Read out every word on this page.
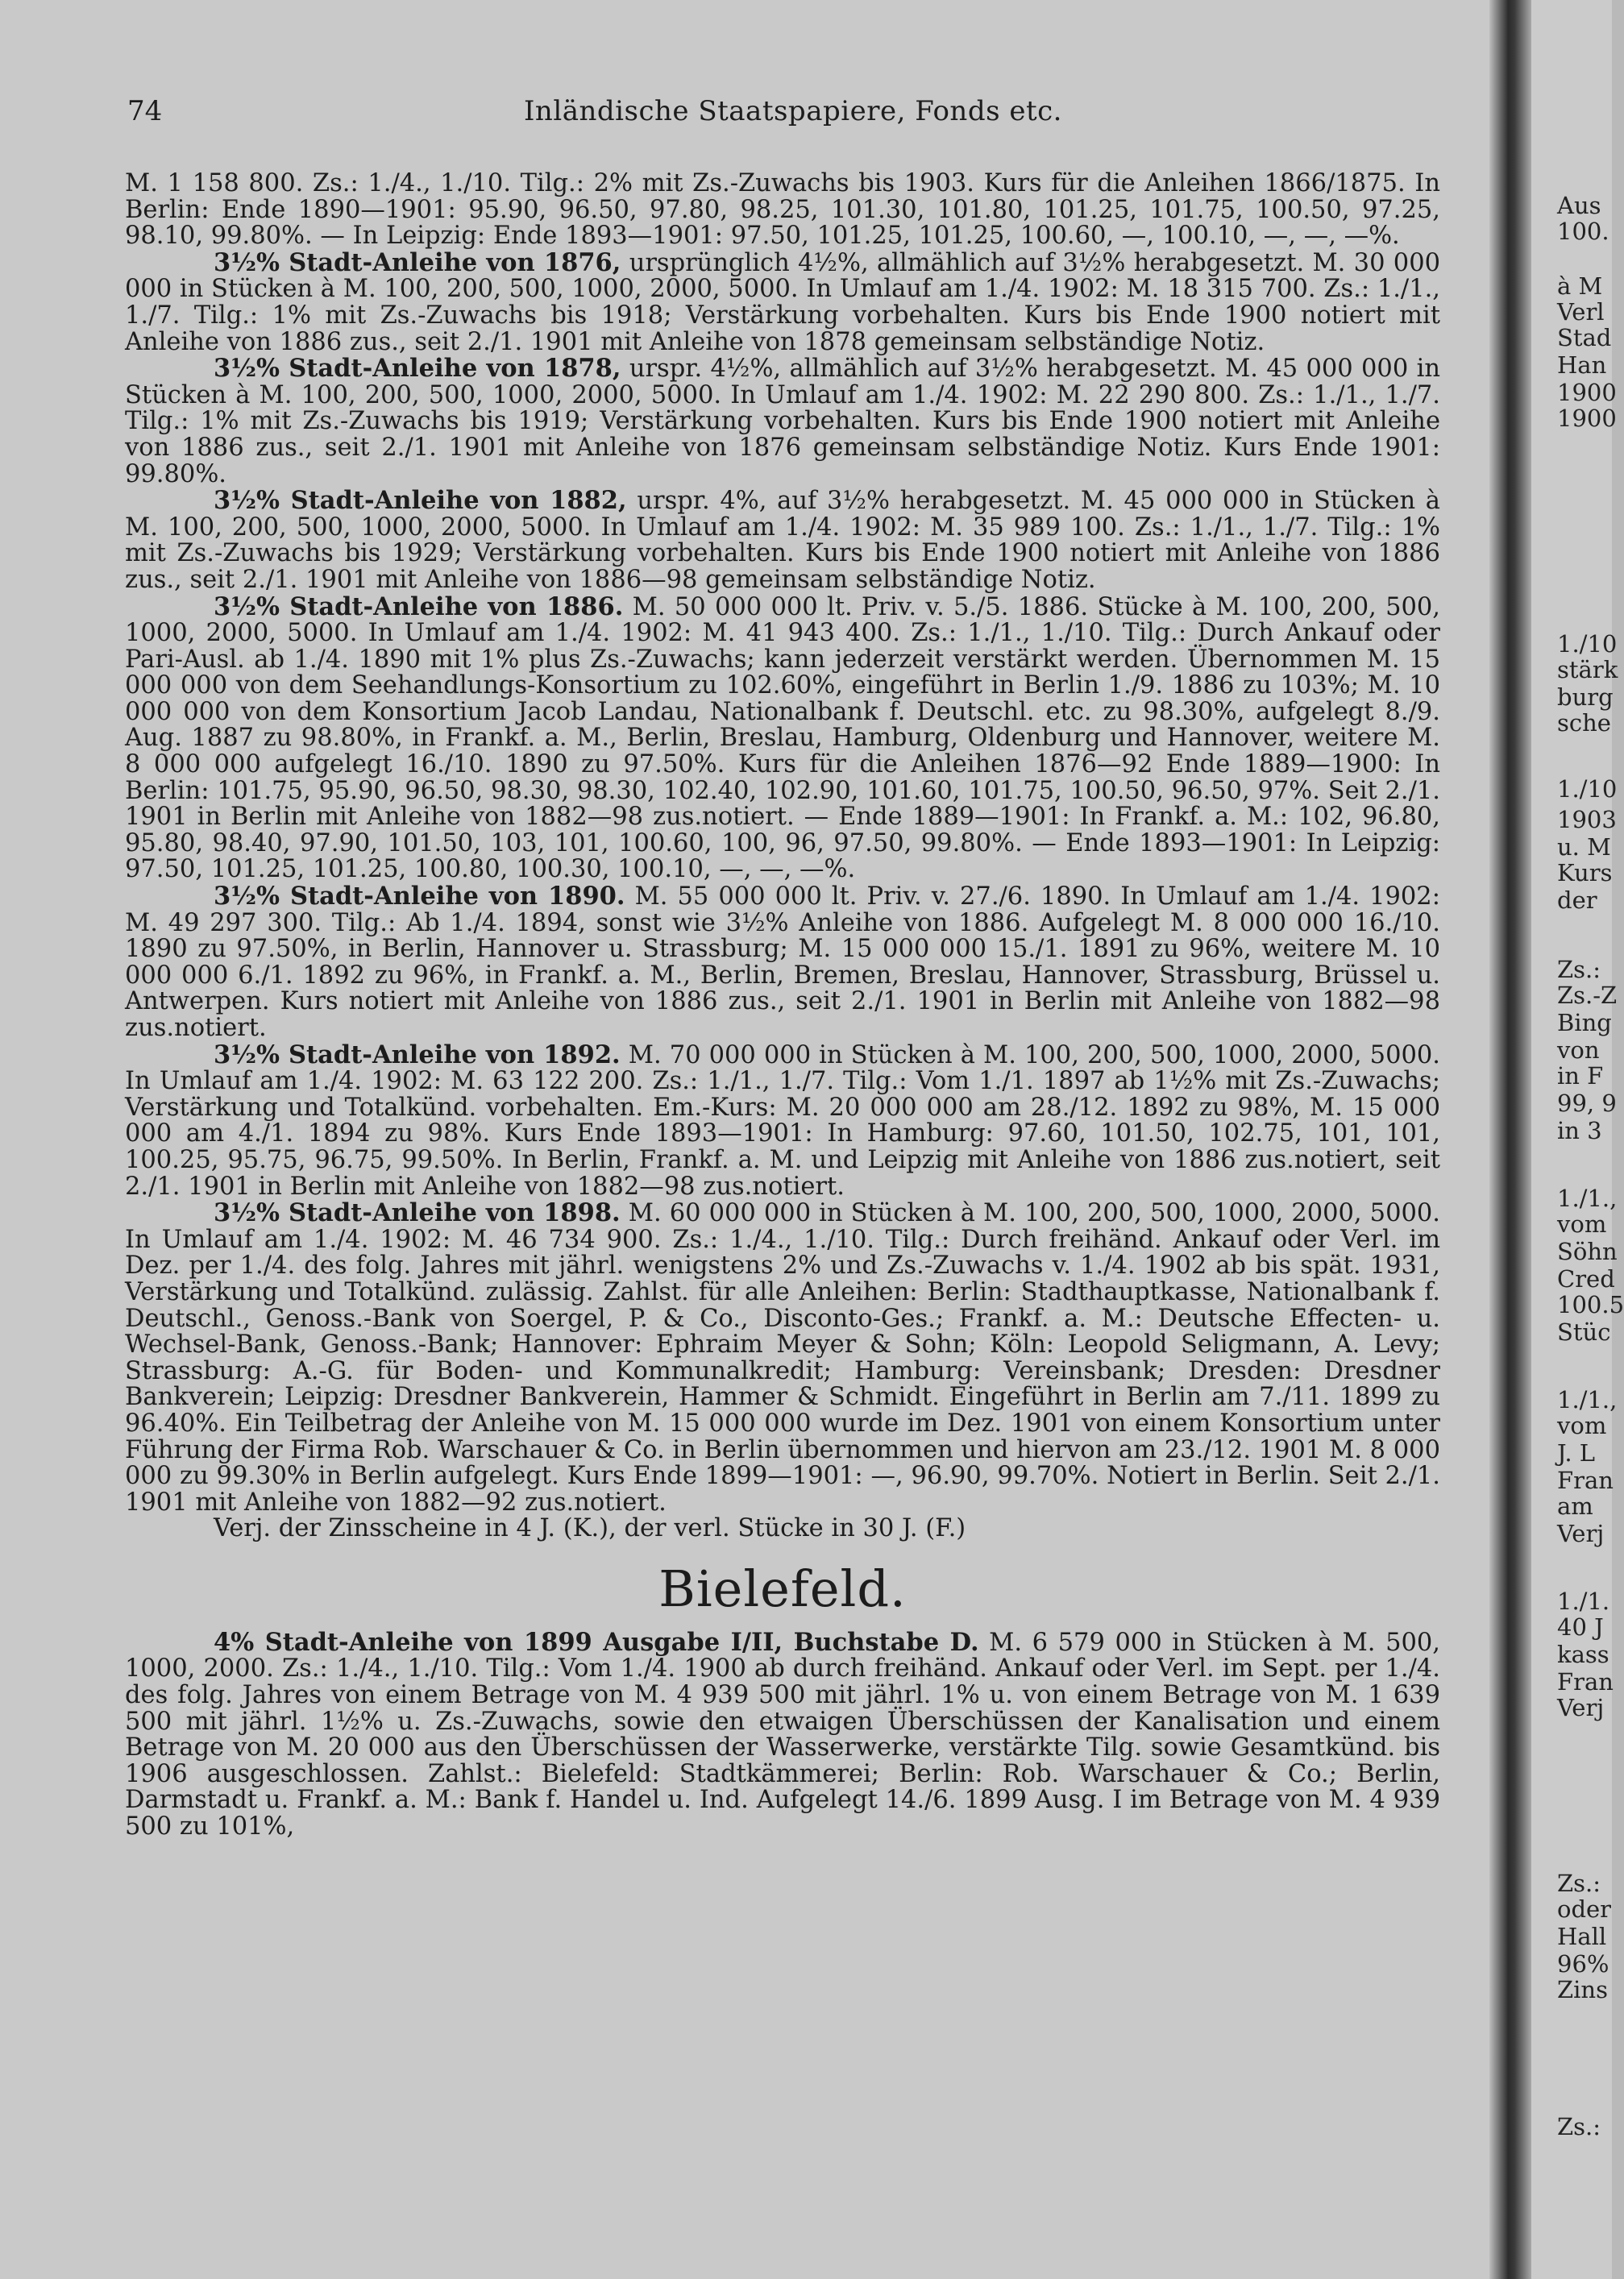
74	Inländische Staatspapiere, Fonds etc.

M. 1 158 800. Zs.: 1./4., 1./10. Tilg.: 2% mit Zs.-Zuwachs bis 1903. Kurs für die Anleihen 1866/1875. In Berlin: Ende 1890—1901: 95.90, 96.50, 97.80, 98.25, 101.30, 101.80, 101.25, 101.75, 100.50, 97.25, 98.10, 99.80%. — In Leipzig: Ende 1893—1901: 97.50, 101.25, 101.25, 100.60, —, 100.10, —, —, —%.

3½% Stadt-Anleihe von 1876, ursprünglich 4½%, allmählich auf 3½% herabgesetzt. M. 30 000 000 in Stücken à M. 100, 200, 500, 1000, 2000, 5000. In Umlauf am 1./4. 1902: M. 18 315 700. Zs.: 1./1., 1./7. Tilg.: 1% mit Zs.-Zuwachs bis 1918; Verstärkung vorbehalten. Kurs bis Ende 1900 notiert mit Anleihe von 1886 zus., seit 2./1. 1901 mit Anleihe von 1878 gemeinsam selbständige Notiz.

3½% Stadt-Anleihe von 1878, urspr. 4½%, allmählich auf 3½% herabgesetzt. M. 45 000 000 in Stücken à M. 100, 200, 500, 1000, 2000, 5000. In Umlauf am 1./4. 1902: M. 22 290 800. Zs.: 1./1., 1./7. Tilg.: 1% mit Zs.-Zuwachs bis 1919; Verstärkung vorbehalten. Kurs bis Ende 1900 notiert mit Anleihe von 1886 zus., seit 2./1. 1901 mit Anleihe von 1876 gemeinsam selbständige Notiz. Kurs Ende 1901: 99.80%.

3½% Stadt-Anleihe von 1882, urspr. 4%, auf 3½% herabgesetzt. M. 45 000 000 in Stücken à M. 100, 200, 500, 1000, 2000, 5000. In Umlauf am 1./4. 1902: M. 35 989 100. Zs.: 1./1., 1./7. Tilg.: 1% mit Zs.-Zuwachs bis 1929; Verstärkung vorbehalten. Kurs bis Ende 1900 notiert mit Anleihe von 1886 zus., seit 2./1. 1901 mit Anleihe von 1886—98 gemeinsam selbständige Notiz.

3½% Stadt-Anleihe von 1886. M. 50 000 000 lt. Priv. v. 5./5. 1886. Stücke à M. 100, 200, 500, 1000, 2000, 5000. In Umlauf am 1./4. 1902: M. 41 943 400. Zs.: 1./1., 1./10. Tilg.: Durch Ankauf oder Pari-Ausl. ab 1./4. 1890 mit 1% plus Zs.-Zuwachs; kann jederzeit verstärkt werden. Übernommen M. 15 000 000 von dem Seehandlungs-Konsortium zu 102.60%, eingeführt in Berlin 1./9. 1886 zu 103%; M. 10 000 000 von dem Konsortium Jacob Landau, Nationalbank f. Deutschl. etc. zu 98.30%, aufgelegt 8./9. Aug. 1887 zu 98.80%, in Frankf. a. M., Berlin, Breslau, Hamburg, Oldenburg und Hannover, weitere M. 8 000 000 aufgelegt 16./10. 1890 zu 97.50%. Kurs für die Anleihen 1876—92 Ende 1889—1900: In Berlin: 101.75, 95.90, 96.50, 98.30, 98.30, 102.40, 102.90, 101.60, 101.75, 100.50, 96.50, 97%. Seit 2./1. 1901 in Berlin mit Anleihe von 1882—98 zus.notiert. — Ende 1889—1901: In Frankf. a. M.: 102, 96.80, 95.80, 98.40, 97.90, 101.50, 103, 101, 100.60, 100, 96, 97.50, 99.80%. — Ende 1893—1901: In Leipzig: 97.50, 101.25, 101.25, 100.80, 100.30, 100.10, —, —, —%.

3½% Stadt-Anleihe von 1890. M. 55 000 000 lt. Priv. v. 27./6. 1890. In Umlauf am 1./4. 1902: M. 49 297 300. Tilg.: Ab 1./4. 1894, sonst wie 3½% Anleihe von 1886. Aufgelegt M. 8 000 000 16./10. 1890 zu 97.50%, in Berlin, Hannover u. Strassburg; M. 15 000 000 15./1. 1891 zu 96%, weitere M. 10 000 000 6./1. 1892 zu 96%, in Frankf. a. M., Berlin, Bremen, Breslau, Hannover, Strassburg, Brüssel u. Antwerpen. Kurs notiert mit Anleihe von 1886 zus., seit 2./1. 1901 in Berlin mit Anleihe von 1882—98 zus.notiert.

3½% Stadt-Anleihe von 1892. M. 70 000 000 in Stücken à M. 100, 200, 500, 1000, 2000, 5000. In Umlauf am 1./4. 1902: M. 63 122 200. Zs.: 1./1., 1./7. Tilg.: Vom 1./1. 1897 ab 1½% mit Zs.-Zuwachs; Verstärkung und Totalkünd. vorbehalten. Em.-Kurs: M. 20 000 000 am 28./12. 1892 zu 98%, M. 15 000 000 am 4./1. 1894 zu 98%. Kurs Ende 1893—1901: In Hamburg: 97.60, 101.50, 102.75, 101, 101, 100.25, 95.75, 96.75, 99.50%. In Berlin, Frankf. a. M. und Leipzig mit Anleihe von 1886 zus.notiert, seit 2./1. 1901 in Berlin mit Anleihe von 1882—98 zus.notiert.

3½% Stadt-Anleihe von 1898. M. 60 000 000 in Stücken à M. 100, 200, 500, 1000, 2000, 5000. In Umlauf am 1./4. 1902: M. 46 734 900. Zs.: 1./4., 1./10. Tilg.: Durch freihänd. Ankauf oder Verl. im Dez. per 1./4. des folg. Jahres mit jährl. wenigstens 2% und Zs.-Zuwachs v. 1./4. 1902 ab bis spät. 1931, Verstärkung und Totalkünd. zulässig. Zahlst. für alle Anleihen: Berlin: Stadthauptkasse, Nationalbank f. Deutschl., Genoss.-Bank von Soergel, P. & Co., Disconto-Ges.; Frankf. a. M.: Deutsche Effecten- u. Wechsel-Bank, Genoss.-Bank; Hannover: Ephraim Meyer & Sohn; Köln: Leopold Seligmann, A. Levy; Strassburg: A.-G. für Boden- und Kommunalkredit; Hamburg: Vereinsbank; Dresden: Dresdner Bankverein; Leipzig: Dresdner Bankverein, Hammer & Schmidt. Eingeführt in Berlin am 7./11. 1899 zu 96.40%. Ein Teilbetrag der Anleihe von M. 15 000 000 wurde im Dez. 1901 von einem Konsortium unter Führung der Firma Rob. Warschauer & Co. in Berlin übernommen und hiervon am 23./12. 1901 M. 8 000 000 zu 99.30% in Berlin aufgelegt. Kurs Ende 1899—1901: —, 96.90, 99.70%. Notiert in Berlin. Seit 2./1. 1901 mit Anleihe von 1882—92 zus.notiert.

Verj. der Zinsscheine in 4 J. (K.), der verl. Stücke in 30 J. (F.)

Bielefeld.

4% Stadt-Anleihe von 1899 Ausgabe I/II, Buchstabe D. M. 6 579 000 in Stücken à M. 500, 1000, 2000. Zs.: 1./4., 1./10. Tilg.: Vom 1./4. 1900 ab durch freihänd. Ankauf oder Verl. im Sept. per 1./4. des folg. Jahres von einem Betrage von M. 4 939 500 mit jährl. 1% u. von einem Betrage von M. 1 639 500 mit jährl. 1½% u. Zs.-Zuwachs, sowie den etwaigen Überschüssen der Kanalisation und einem Betrage von M. 20 000 aus den Überschüssen der Wasserwerke, verstärkte Tilg. sowie Gesamtkünd. bis 1906 ausgeschlossen. Zahlst.: Bielefeld: Stadtkämmerei; Berlin: Rob. Warschauer & Co.; Berlin, Darmstadt u. Frankf. a. M.: Bank f. Handel u. Ind. Aufgelegt 14./6. 1899 Ausg. I im Betrage von M. 4 939 500 zu 101%,

Aus
100.
à M
Verl
Stad
Han
1900
1900
1./10
stärk
burg
sche
1./10
1903
u. M
Kurs
der
Zs.:
Zs.-Z
Bing
von
in F
99, 9
in 3
1./1.,
vom
Söhn
Cred
100.5
Stüc
1./1.,
vom
J. L
Fran
am
Verj
1./1.
40 J
kass
Fran
Verj
Zs.:
oder
Hall
96%
Zins
Zs.:
